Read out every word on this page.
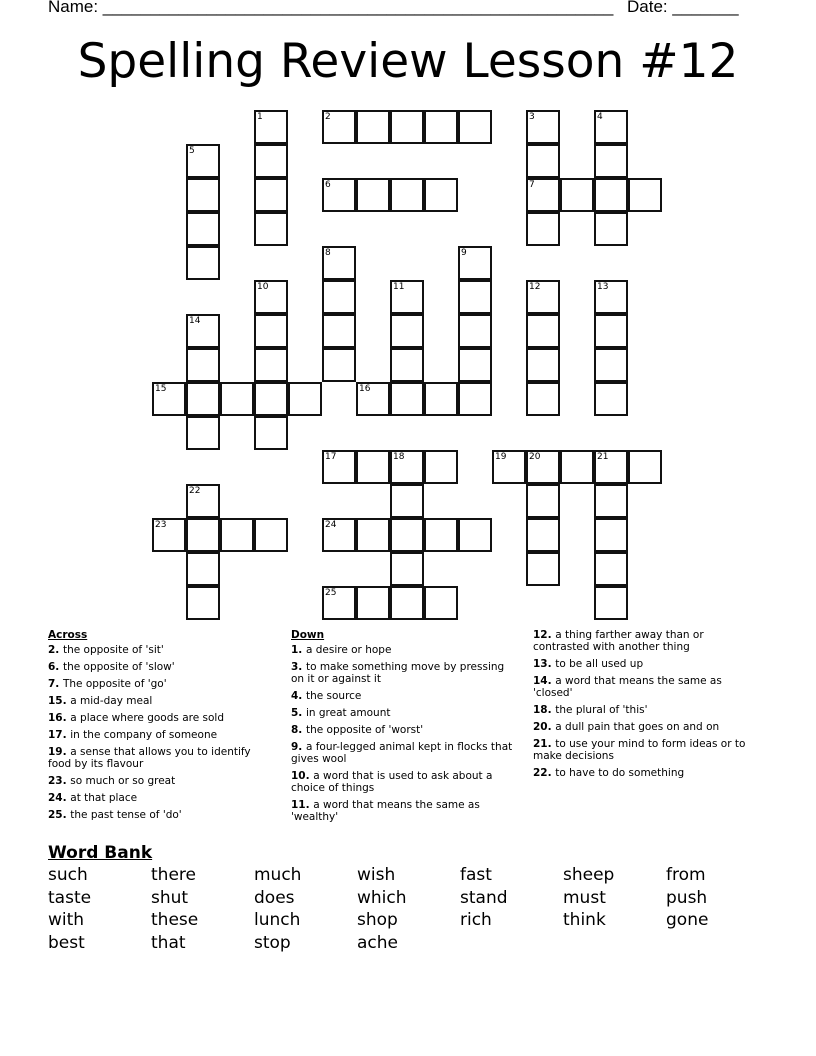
Name: ______________________________________________________ Date: _______
Spelling Review Lesson #12
1	2	3
7
4
5
6
8	9
10	11	12	13
14
15	16
17	18	19	20	21
22
23	24
25
Across
2. the opposite of 'sit'
6. the opposite of 'slow'
7. The opposite of 'go'
15. a mid-day meal
16. a place where goods are sold
17. in the company of someone
19. a sense that allows you to identify food by its flavour
23. so much or so great
24. at that place
25. the past tense of 'do'
Down
1. a desire or hope
3. to make something move by pressing on it or against it
4. the source
5. in great amount
8. the opposite of 'worst'
9. a four-legged animal kept in flocks that gives wool
10. a word that is used to ask about a choice of things
11. a word that means the same as 'wealthy'
12. a thing farther away than or contrasted with another thing
13. to be all used up
14. a word that means the same as 'closed'
18. the plural of 'this'
20. a dull pain that goes on and on
21. to use your mind to form ideas or to make decisions
22. to have to do something
Word Bank
such	there	much	wish	fast	sheep	from
taste	shut	does	which	stand	must	push
with	these	lunch	shop	rich	think	gone
best	that	stop	ache
